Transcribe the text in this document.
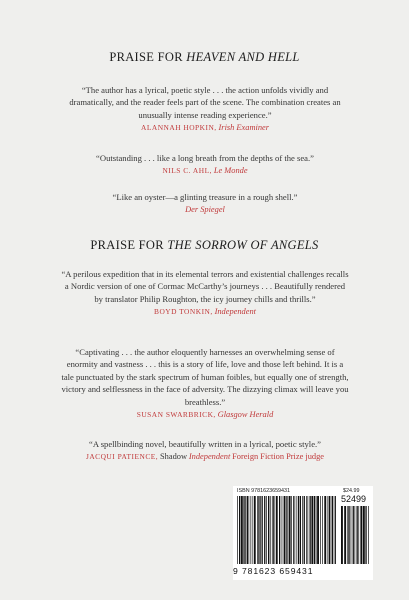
PRAISE FOR HEAVEN AND HELL
“The author has a lyrical, poetic style . . . the action unfolds vividly and dramatically, and the reader feels part of the scene. The combination creates an unusually intense reading experience.”
ALANNAH HOPKIN, Irish Examiner
“Outstanding . . . like a long breath from the depths of the sea.”
NILS C. AHL, Le Monde
“Like an oyster—a glinting treasure in a rough shell.”
Der Spiegel
PRAISE FOR THE SORROW OF ANGELS
“A perilous expedition that in its elemental terrors and existential challenges recalls a Nordic version of one of Cormac McCarthy’s journeys . . . Beautifully rendered by translator Philip Roughton, the icy journey chills and thrills.”
BOYD TONKIN, Independent
“Captivating . . . the author eloquently harnesses an overwhelming sense of enormity and vastness . . . this is a story of life, love and those left behind. It is a tale punctuated by the stark spectrum of human foibles, but equally one of strength, victory and selflessness in the face of adversity. The dizzying climax will leave you breathless.”
SUSAN SWARBRICK, Glasgow Herald
“A spellbinding novel, beautifully written in a lyrical, poetic style.”
JACQUI PATIENCE, Shadow Independent Foreign Fiction Prize judge
ISBN 9781623659431	$24.99
52499
9 781623 659431
